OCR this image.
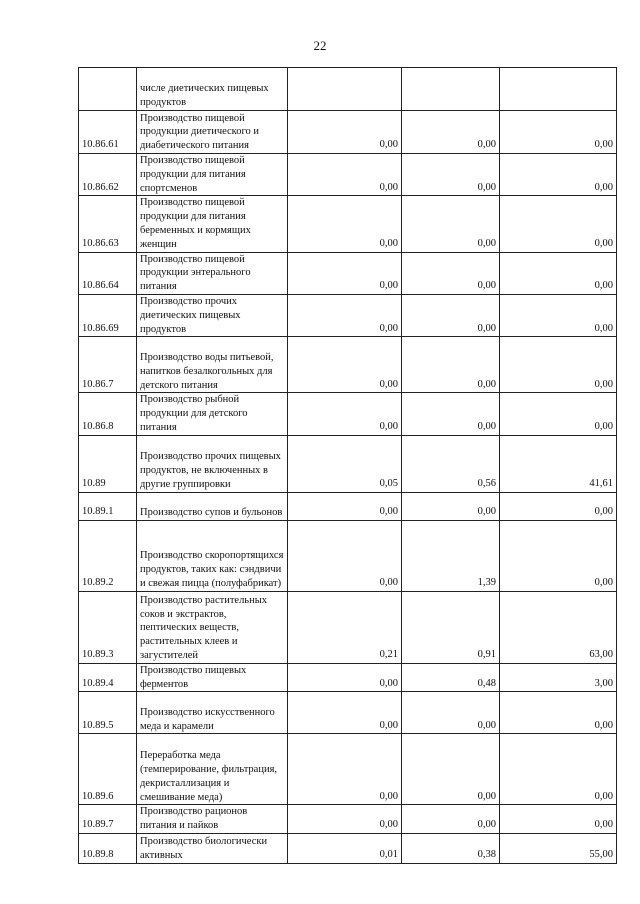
22
	числе диетических пищевых продуктов			
10.86.61	Производство пищевой продукции диетического и диабетического питания	0,00	0,00	0,00
10.86.62	Производство пищевой продукции для питания спортсменов	0,00	0,00	0,00
10.86.63	Производство пищевой продукции для питания беременных и кормящих женщин	0,00	0,00	0,00
10.86.64	Производство пищевой продукции энтерального питания	0,00	0,00	0,00
10.86.69	Производство прочих диетических пищевых продуктов	0,00	0,00	0,00
10.86.7	Производство воды питьевой, напитков безалкогольных для детского питания	0,00	0,00	0,00
10.86.8	Производство рыбной продукции для детского питания	0,00	0,00	0,00
10.89	Производство прочих пищевых продуктов, не включенных в другие группировки	0,05	0,56	41,61
10.89.1	Производство супов и бульонов	0,00	0,00	0,00
10.89.2	Производство скоропортящихся продуктов, таких как: сэндвичи и свежая пицца (полуфабрикат)	0,00	1,39	0,00
10.89.3	Производство растительных соков и экстрактов, пептических веществ, растительных клеев и загустителей	0,21	0,91	63,00
10.89.4	Производство пищевых ферментов	0,00	0,48	3,00
10.89.5	Производство искусственного меда и карамели	0,00	0,00	0,00
10.89.6	Переработка меда (темперирование, фильтрация, декристаллизация и смешивание меда)	0,00	0,00	0,00
10.89.7	Производство рационов питания и пайков	0,00	0,00	0,00
10.89.8	Производство биологически активных	0,01	0,38	55,00
